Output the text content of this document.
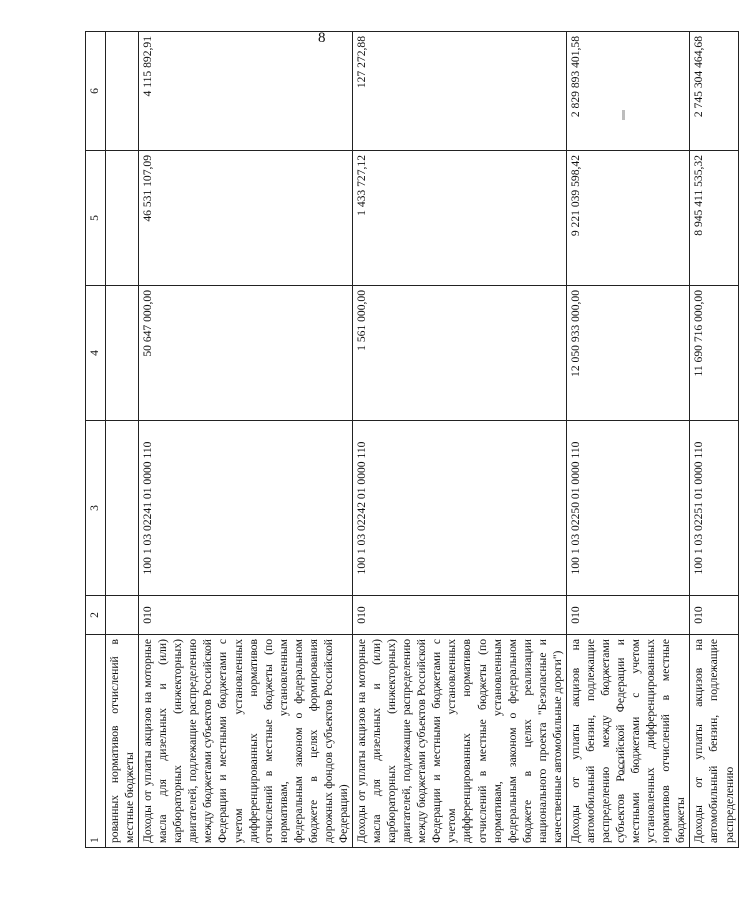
8
1	2	3	4	5	6
рованных нормативов отчислений в местные бюджеты					
Доходы от уплаты акцизов на моторные масла для дизельных и (или) карбюраторных (инжекторных) двигателей, подлежащие распределению между бюджетами субъектов Российской Федерации и местными бюджетами с учетом установленных дифференцированных нормативов отчислений в местные бюджеты (по нормативам, установленным федеральным законом о федеральном бюджете в целях формирования дорожных фондов субъектов Российской Федерации)	010	100 1 03 02241 01 0000 110	50 647 000,00	46 531 107,09	4 115 892,91
Доходы от уплаты акцизов на моторные масла для дизельных и (или) карбюраторных (инжекторных) двигателей, подлежащие распределению между бюджетами субъектов Российской Федерации и местными бюджетами с учетом установленных дифференцированных нормативов отчислений в местные бюджеты (по нормативам, установленным федеральным законом о федеральном бюджете в целях реализации национального проекта "Безопасные и качественные автомобильные дороги")	010	100 1 03 02242 01 0000 110	1 561 000,00	1 433 727,12	127 272,88
Доходы от уплаты акцизов на автомобильный бензин, подлежащие распределению между бюджетами субъектов Российской Федерации и местными бюджетами с учетом установленных дифференцированных нормативов отчислений в местные бюджеты	010	100 1 03 02250 01 0000 110	12 050 933 000,00	9 221 039 598,42	2 829 893 401,58
Доходы от уплаты акцизов на автомобильный бензин, подлежащие распределению	010	100 1 03 02251 01 0000 110	11 690 716 000,00	8 945 411 535,32	2 745 304 464,68
